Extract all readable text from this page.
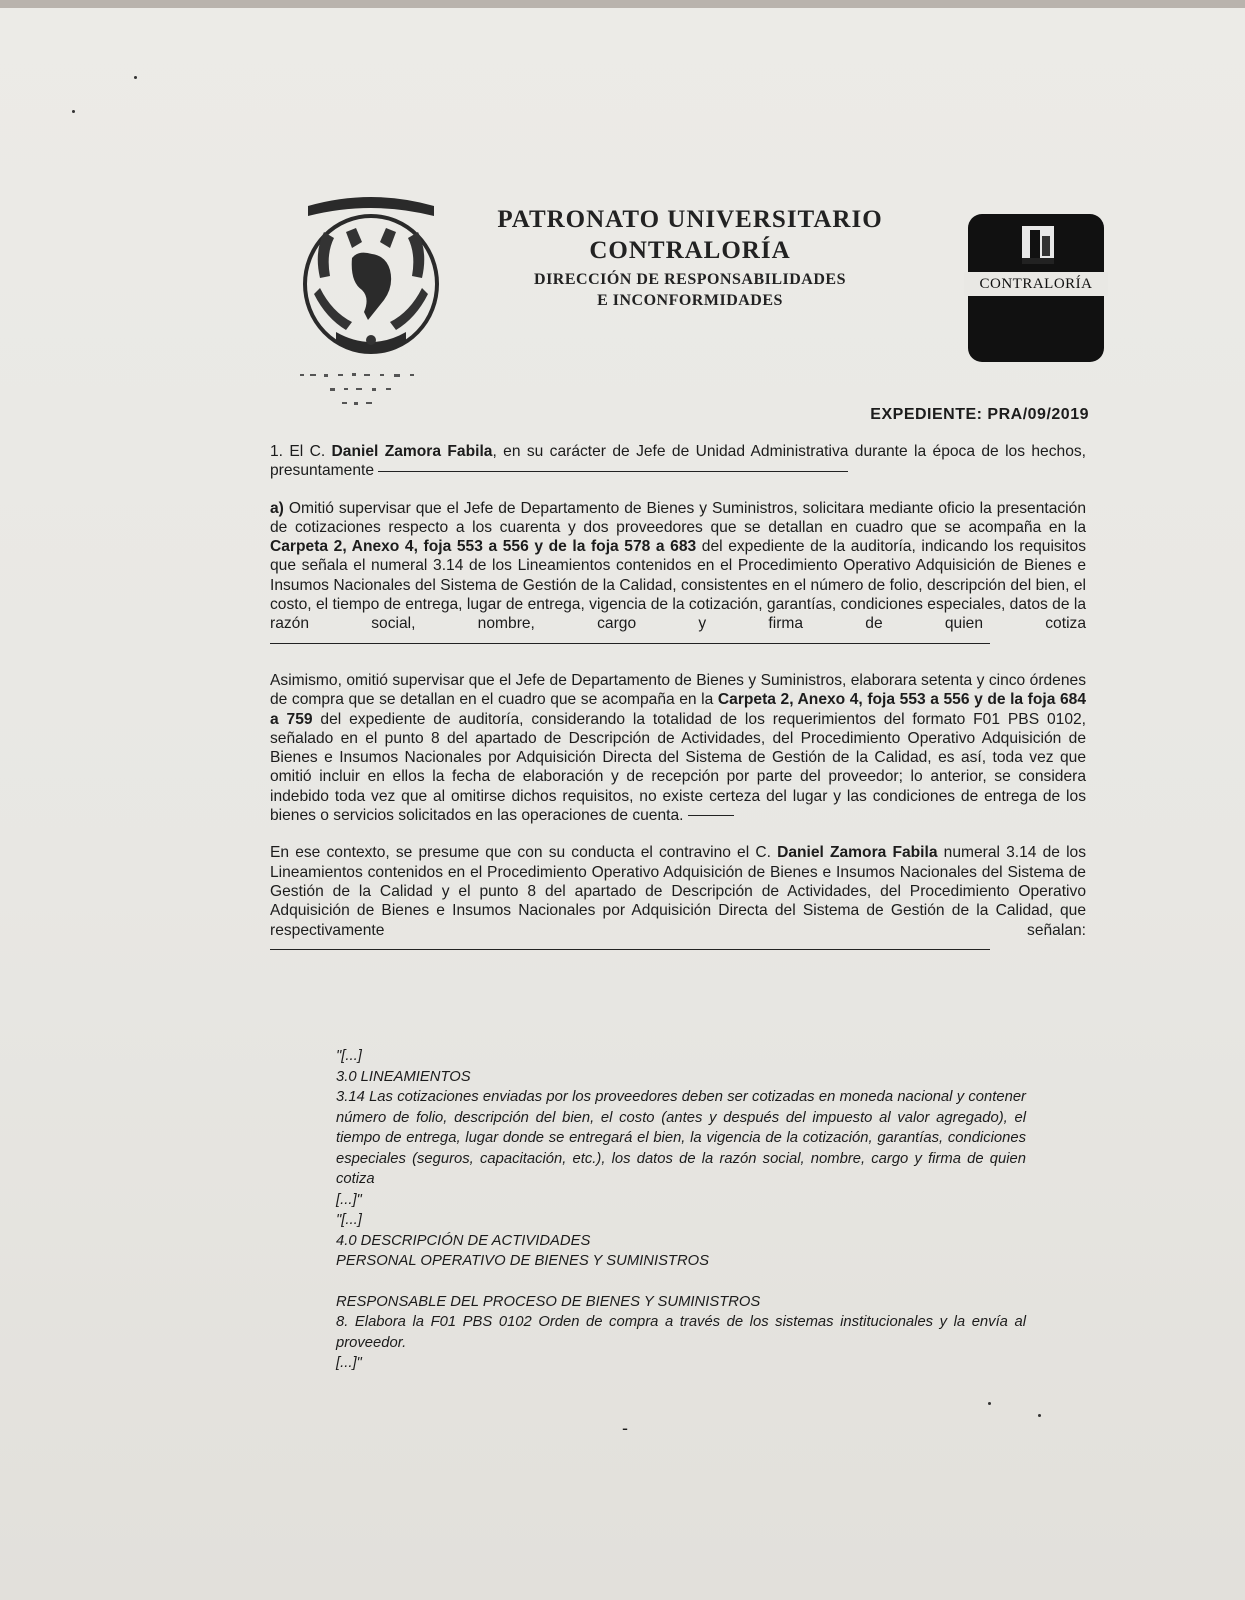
PATRONATO UNIVERSITARIO
CONTRALORÍA
DIRECCIÓN DE RESPONSABILIDADES
E INCONFORMIDADES
CONTRALORÍA
EXPEDIENTE: PRA/09/2019

1. El C. Daniel Zamora Fabila, en su carácter de Jefe de Unidad Administrativa durante la época de los hechos, presuntamente

a) Omitió supervisar que el Jefe de Departamento de Bienes y Suministros, solicitara mediante oficio la presentación de cotizaciones respecto a los cuarenta y dos proveedores que se detallan en cuadro que se acompaña en la Carpeta 2, Anexo 4, foja 553 a 556 y de la foja 578 a 683 del expediente de la auditoría, indicando los requisitos que señala el numeral 3.14 de los Lineamientos contenidos en el Procedimiento Operativo Adquisición de Bienes e Insumos Nacionales del Sistema de Gestión de la Calidad, consistentes en el número de folio, descripción del bien, el costo, el tiempo de entrega, lugar de entrega, vigencia de la cotización, garantías, condiciones especiales, datos de la razón social, nombre, cargo y firma de quien cotiza

Asimismo, omitió supervisar que el Jefe de Departamento de Bienes y Suministros, elaborara setenta y cinco órdenes de compra que se detallan en el cuadro que se acompaña en la Carpeta 2, Anexo 4, foja 553 a 556 y de la foja 684 a 759 del expediente de auditoría, considerando la totalidad de los requerimientos del formato F01 PBS 0102, señalado en el punto 8 del apartado de Descripción de Actividades, del Procedimiento Operativo Adquisición de Bienes e Insumos Nacionales por Adquisición Directa del Sistema de Gestión de la Calidad, es así, toda vez que omitió incluir en ellos la fecha de elaboración y de recepción por parte del proveedor; lo anterior, se considera indebido toda vez que al omitirse dichos requisitos, no existe certeza del lugar y las condiciones de entrega de los bienes o servicios solicitados en las operaciones de cuenta.

En ese contexto, se presume que con su conducta el contravino el C. Daniel Zamora Fabila numeral 3.14 de los Lineamientos contenidos en el Procedimiento Operativo Adquisición de Bienes e Insumos Nacionales del Sistema de Gestión de la Calidad y el punto 8 del apartado de Descripción de Actividades, del Procedimiento Operativo Adquisición de Bienes e Insumos Nacionales por Adquisición Directa del Sistema de Gestión de la Calidad, que respectivamente señalan:

"[...]
3.0 LINEAMIENTOS
3.14 Las cotizaciones enviadas por los proveedores deben ser cotizadas en moneda nacional y contener número de folio, descripción del bien, el costo (antes y después del impuesto al valor agregado), el tiempo de entrega, lugar donde se entregará el bien, la vigencia de la cotización, garantías, condiciones especiales (seguros, capacitación, etc.), los datos de la razón social, nombre, cargo y firma de quien cotiza
[...]"
"[...]
4.0 DESCRIPCIÓN DE ACTIVIDADES
PERSONAL OPERATIVO DE BIENES Y SUMINISTROS
RESPONSABLE DEL PROCESO DE BIENES Y SUMINISTROS
8. Elabora la F01 PBS 0102 Orden de compra a través de los sistemas institucionales y la envía al proveedor.
[...]"
-
